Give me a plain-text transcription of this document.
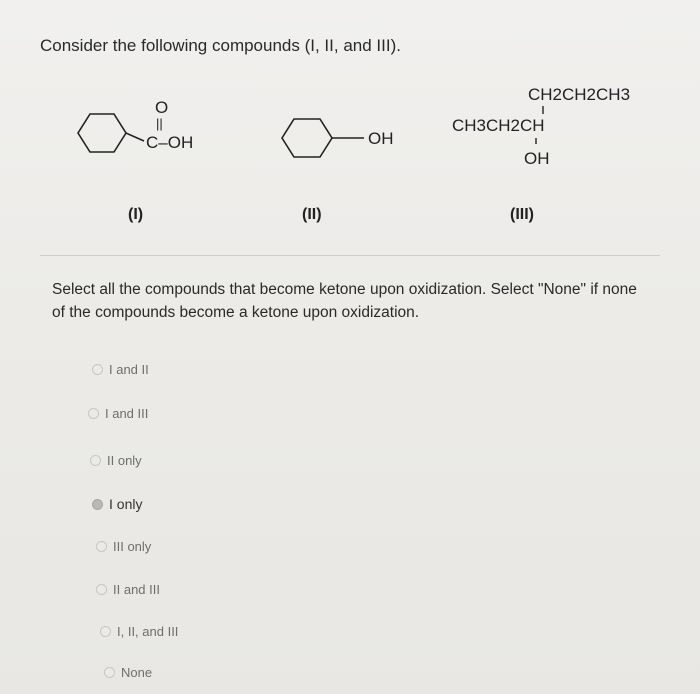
Consider the following compounds (I, II, and III).
O
||
C–OH	OH
CH2CH2CH3
CH3CH2CH
OH
(I)	(II)	(III)
Select all the compounds that become ketone upon oxidization. Select "None" if none of the compounds become a ketone upon oxidization.
I and II
I and III
II only
I only
III only
II and III
I, II, and III
None
